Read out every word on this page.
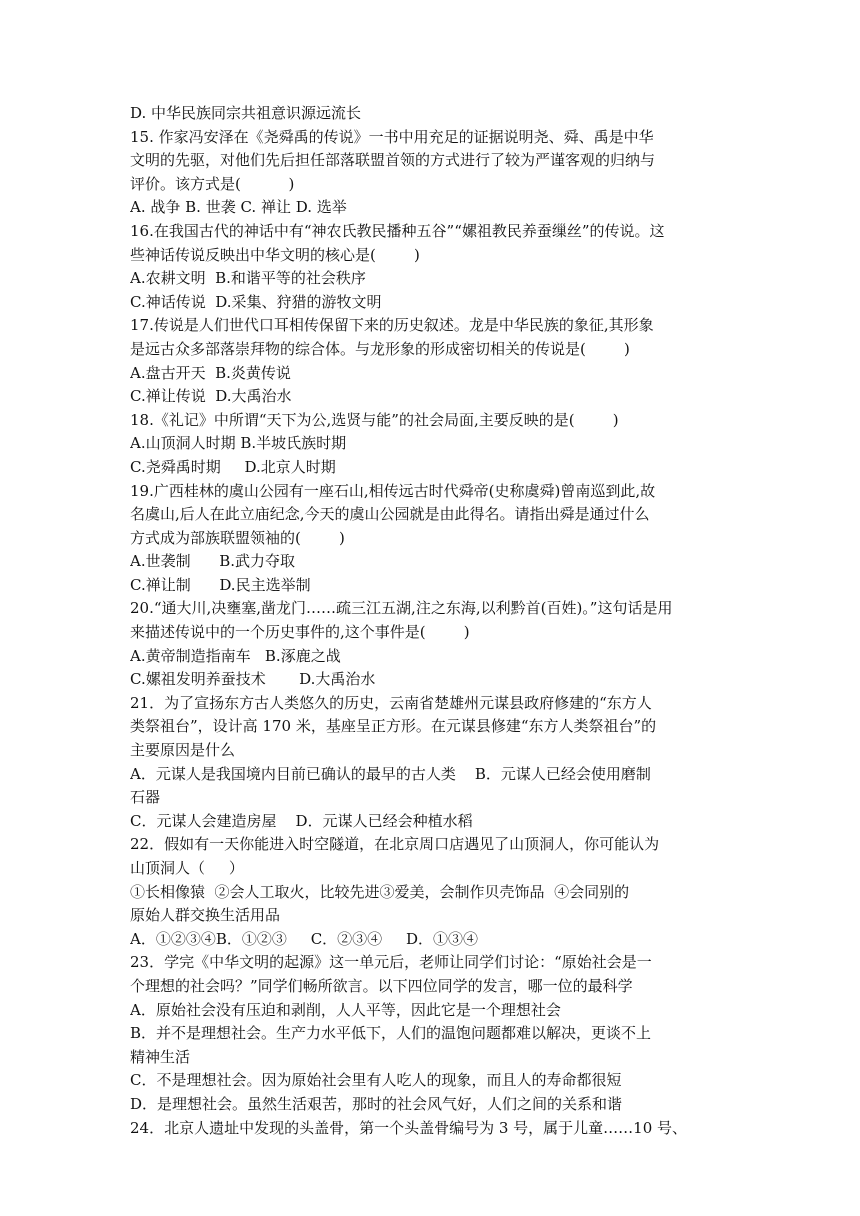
D. 中华民族同宗共祖意识源远流长
15. 作家冯安泽在《尧舜禹的传说》一书中用充足的证据说明尧、舜、禹是中华
文明的先驱，对他们先后担任部落联盟首领的方式进行了较为严谨客观的归纳与
评价。该方式是(          )
A. 战争 B. 世袭 C. 禅让 D. 选举
16.在我国古代的神话中有“神农氏教民播种五谷”“嫘祖教民养蚕缫丝”的传说。这
些神话传说反映出中华文明的核心是(        )
A.农耕文明  B.和谐平等的社会秩序
C.神话传说  D.采集、狩猎的游牧文明
17.传说是人们世代口耳相传保留下来的历史叙述。龙是中华民族的象征,其形象
是远古众多部落崇拜物的综合体。与龙形象的形成密切相关的传说是(        )
A.盘古开天  B.炎黄传说
C.禅让传说  D.大禹治水
18.《礼记》中所谓“天下为公,选贤与能”的社会局面,主要反映的是(        )
A.山顶洞人时期 B.半坡氏族时期
C.尧舜禹时期     D.北京人时期
19.广西桂林的虞山公园有一座石山,相传远古时代舜帝(史称虞舜)曾南巡到此,故
名虞山,后人在此立庙纪念,今天的虞山公园就是由此得名。请指出舜是通过什么
方式成为部族联盟领袖的(        )
A.世袭制      B.武力夺取
C.禅让制      D.民主选举制
20.“通大川,决壅塞,凿龙门……疏三江五湖,注之东海,以利黔首(百姓)。”这句话是用
来描述传说中的一个历史事件的,这个事件是(        )
A.黄帝制造指南车   B.涿鹿之战
C.嫘祖发明养蚕技术       D.大禹治水
21．为了宣扬东方古人类悠久的历史，云南省楚雄州元谋县政府修建的“东方人
类祭祖台”，设计高 170 米，基座呈正方形。在元谋县修建“东方人类祭祖台”的
主要原因是什么
A．元谋人是我国境内目前已确认的最早的古人类    B．元谋人已经会使用磨制
石器
C．元谋人会建造房屋    D．元谋人已经会种植水稻
22．假如有一天你能进入时空隧道，在北京周口店遇见了山顶洞人，你可能认为
山顶洞人（     ）
①长相像猿  ②会人工取火，比较先进③爱美，会制作贝壳饰品  ④会同别的
原始人群交换生活用品
A．①②③④B．①②③     C．②③④     D．①③④
23．学完《中华文明的起源》这一单元后，老师让同学们讨论：“原始社会是一
个理想的社会吗？”同学们畅所欲言。以下四位同学的发言，哪一位的最科学
A．原始社会没有压迫和剥削，人人平等，因此它是一个理想社会
B．并不是理想社会。生产力水平低下，人们的温饱问题都难以解决，更谈不上
精神生活
C．不是理想社会。因为原始社会里有人吃人的现象，而且人的寿命都很短
D．是理想社会。虽然生活艰苦，那时的社会风气好，人们之间的关系和谐
24．北京人遗址中发现的头盖骨，第一个头盖骨编号为 3 号，属于儿童……10 号、
